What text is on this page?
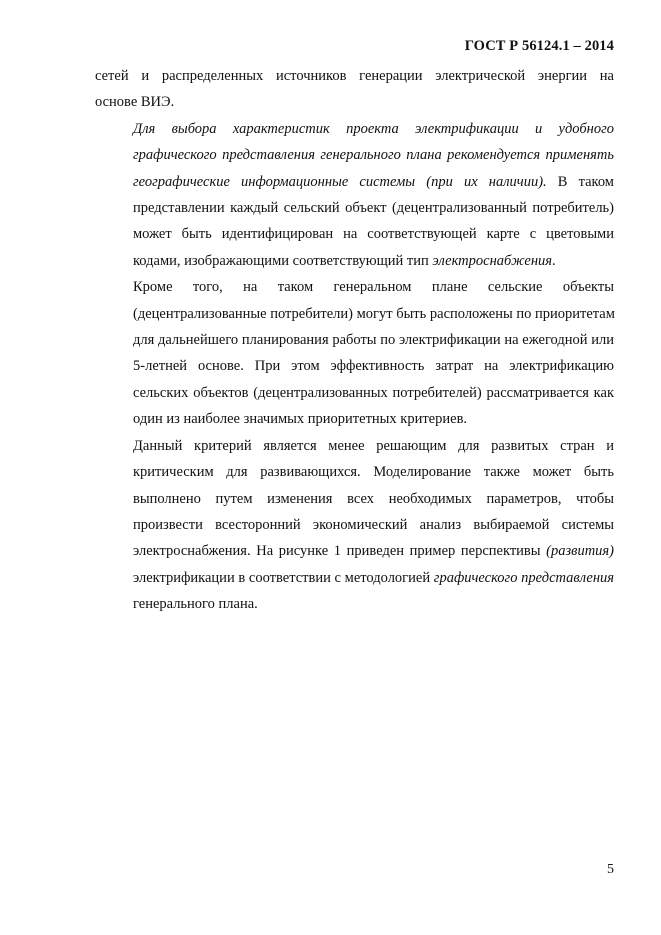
ГОСТ Р 56124.1 – 2014

сетей и распределенных источников генерации электрической энергии на
основе ВИЭ.

Для выбора характеристик проекта электрификации и удобного
графического представления генерального плана рекомендуется применять
географические информационные системы (при их наличии). В таком
представлении каждый сельский объект (децентрализованный потребитель)
может быть идентифицирован на соответствующей карте с цветовыми
кодами, изображающими соответствующий тип электроснабжения.

Кроме того, на таком генеральном плане сельские объекты
(децентрализованные потребители) могут быть расположены по приоритетам
для дальнейшего планирования работы по электрификации на ежегодной или
5-летней основе. При этом эффективность затрат на электрификацию
сельских объектов (децентрализованных потребителей) рассматривается как
один из наиболее значимых приоритетных критериев.

Данный критерий является менее решающим для развитых стран и
критическим для развивающихся. Моделирование также может быть
выполнено путем изменения всех необходимых параметров, чтобы
произвести всесторонний экономический анализ выбираемой системы
электроснабжения. На рисунке 1 приведен пример перспективы (развития)
электрификации в соответствии с методологией графического представления
генерального плана.

5
